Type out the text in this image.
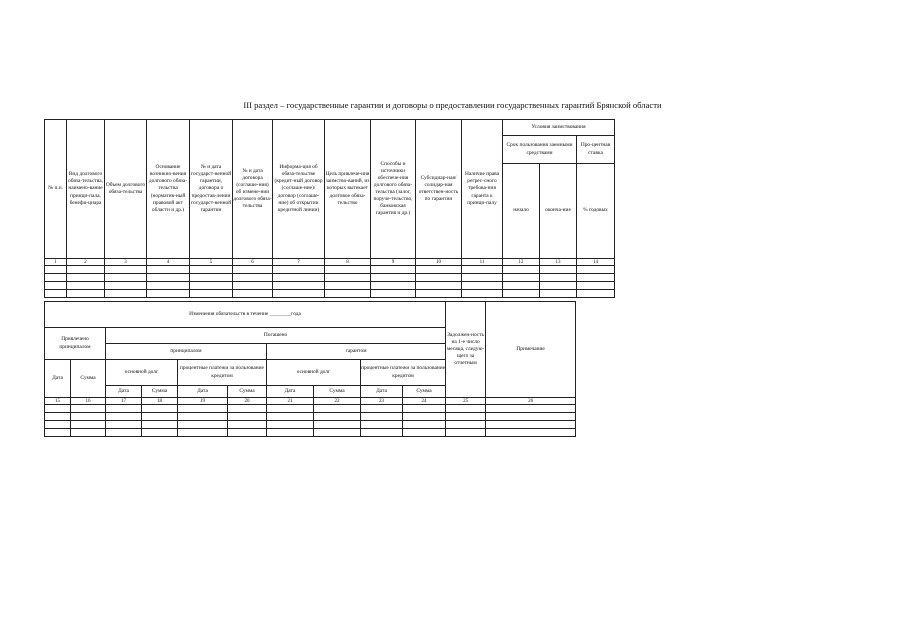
III раздел – государственные гарантии и договоры о предоставлении государственных гарантий Брянской области
№ п.п.	Вид долгового обяза-тельства, наимено-вание принци-пала, бенефи-циара	Объем долгового обяза-тельства	Основание возникно-вения долгового обяза-тельства (норматив-ный правовой акт области и др.)	№ и дата государст-венной гарантии, договора о предостав-лении государст-венной гарантии	№ и дата договора (соглаше-ния) об измене-нии долгового обяза-тельства	Информа-ция об обяза-тельстве (кредит-ный договор (соглаше-ние)/ договор (соглаше-ние) об открытии кредитной линии)	Цель привлече-ния заимство-ваний, из которых вытекает долговое обяза-тельство	Способы и источники обеспече-ния долгового обяза-тельства (залог, поруче-тельство, банковская гарантия и др.)	Субсидиар-ная/солидар-ная ответствен-ность по гарантии	Наличие права регрес-сного требова-ния гаранта к принци-палу	Условия заимствования		
											Срок пользования заемными средствами		Про-центная ставка
											начало	оконча-ние	% годовых
1	2	3	4	5	6	7	8	9	10	11	12	13	14

Изменения обязательств в течение ________года										Задолжен-ность на 1-е число месяца, следую-щего за отчетным	Примечание
Привлечено принципалом		Погашено									
		принципалом				гарантом					
Дата	Сумма	основной долг		процентные платежи за пользование кредитом		основной долг		процентные платежи за пользование кредитом			
		Дата	Сумма	Дата	Сумма	Дата	Сумма	Дата	Сумма		
15	16	17	18	19	20	21	22	23	24	25	26
